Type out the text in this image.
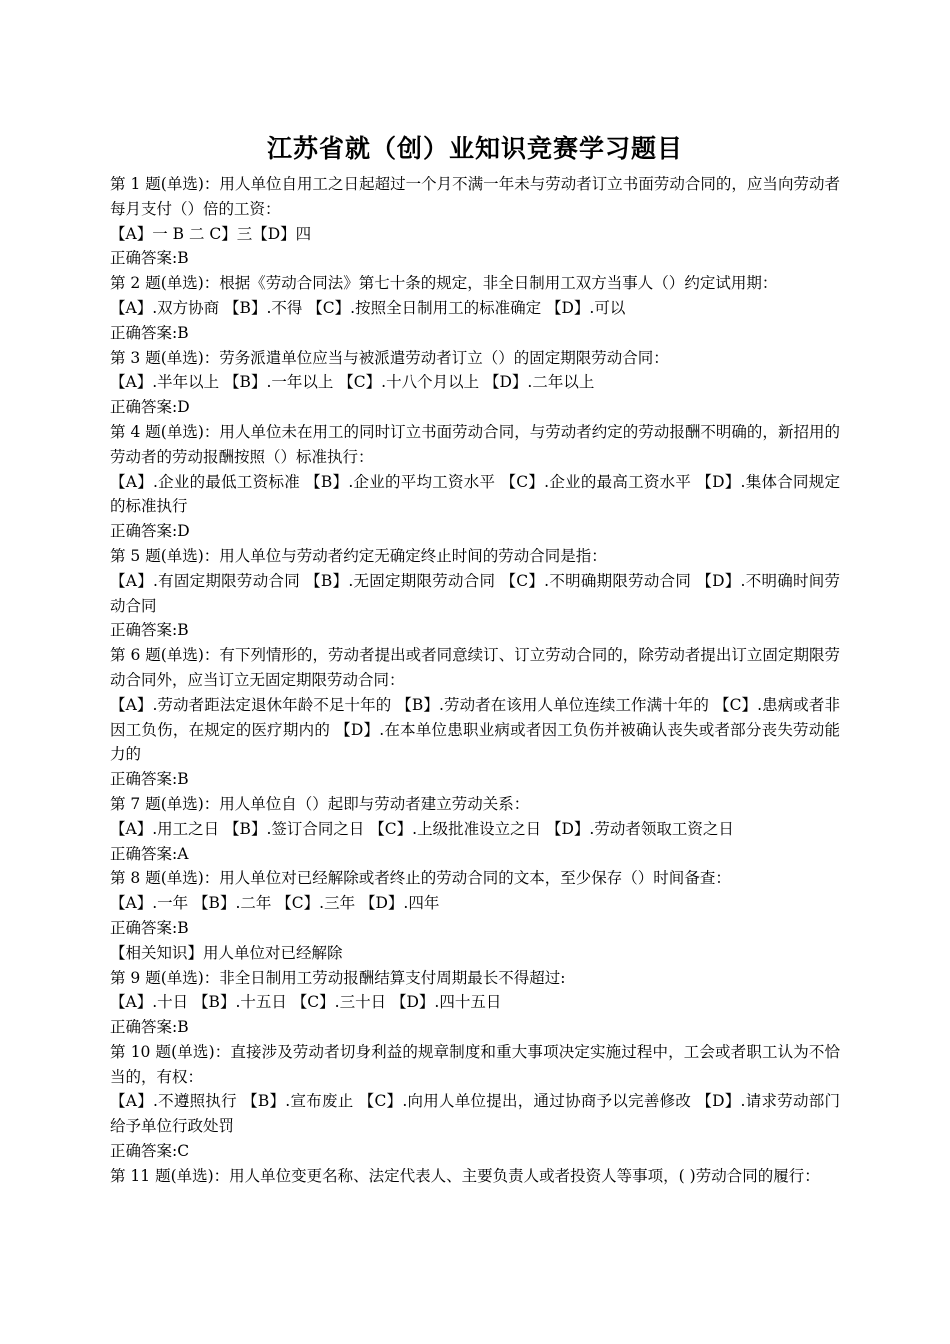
江苏省就（创）业知识竞赛学习题目

第 1 题(单选)：用人单位自用工之日起超过一个月不满一年未与劳动者订立书面劳动合同的，应当向劳动者每月支付（）倍的工资：

【A】一 B 二 C】三【D】四

正确答案:B

第 2 题(单选)：根据《劳动合同法》第七十条的规定，非全日制用工双方当事人（）约定试用期：

【A】.双方协商 【B】.不得 【C】.按照全日制用工的标准确定 【D】.可以

正确答案:B

第 3 题(单选)：劳务派遣单位应当与被派遣劳动者订立（）的固定期限劳动合同：

【A】.半年以上 【B】.一年以上 【C】.十八个月以上 【D】.二年以上

正确答案:D

第 4 题(单选)：用人单位未在用工的同时订立书面劳动合同，与劳动者约定的劳动报酬不明确的，新招用的劳动者的劳动报酬按照（）标准执行：

【A】.企业的最低工资标准 【B】.企业的平均工资水平 【C】.企业的最高工资水平 【D】.集体合同规定的标准执行

正确答案:D

第 5 题(单选)：用人单位与劳动者约定无确定终止时间的劳动合同是指：

【A】.有固定期限劳动合同 【B】.无固定期限劳动合同 【C】.不明确期限劳动合同 【D】.不明确时间劳动合同

正确答案:B

第 6 题(单选)：有下列情形的，劳动者提出或者同意续订、订立劳动合同的，除劳动者提出订立固定期限劳动合同外，应当订立无固定期限劳动合同：

【A】.劳动者距法定退休年龄不足十年的 【B】.劳动者在该用人单位连续工作满十年的 【C】.患病或者非因工负伤，在规定的医疗期内的 【D】.在本单位患职业病或者因工负伤并被确认丧失或者部分丧失劳动能力的

正确答案:B

第 7 题(单选)：用人单位自（）起即与劳动者建立劳动关系：

【A】.用工之日 【B】.签订合同之日 【C】.上级批准设立之日 【D】.劳动者领取工资之日

正确答案:A

第 8 题(单选)：用人单位对已经解除或者终止的劳动合同的文本，至少保存（）时间备查：

【A】.一年 【B】.二年 【C】.三年 【D】.四年

正确答案:B

【相关知识】用人单位对已经解除

第 9 题(单选)：非全日制用工劳动报酬结算支付周期最长不得超过:

【A】.十日 【B】.十五日 【C】.三十日 【D】.四十五日

正确答案:B

第 10 题(单选)：直接涉及劳动者切身利益的规章制度和重大事项决定实施过程中，工会或者职工认为不恰当的，有权：

【A】.不遵照执行 【B】.宣布废止 【C】.向用人单位提出，通过协商予以完善修改 【D】.请求劳动部门给予单位行政处罚

正确答案:C

第 11 题(单选)：用人单位变更名称、法定代表人、主要负责人或者投资人等事项，( )劳动合同的履行：
